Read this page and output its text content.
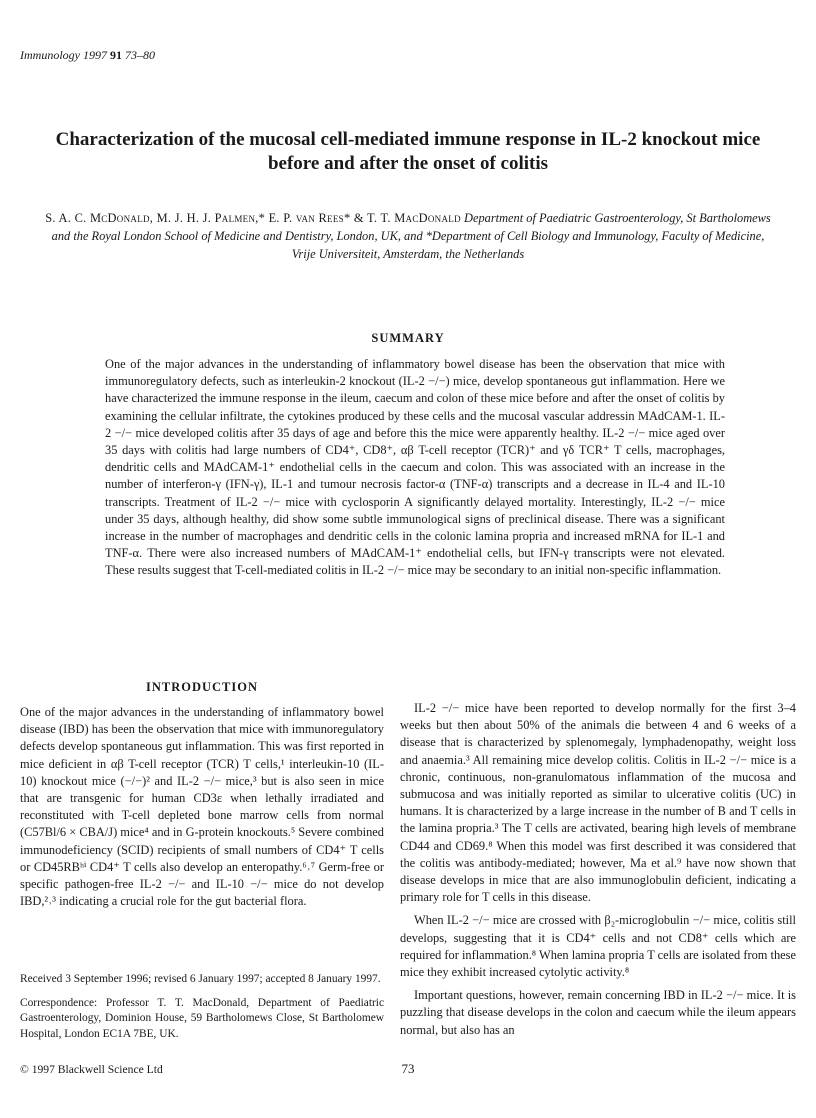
Immunology 1997 91 73–80
Characterization of the mucosal cell-mediated immune response in IL-2 knockout mice before and after the onset of colitis
S. A. C. McDonald, M. J. H. J. Palmen,* E. P. van Rees* & T. T. MacDonald Department of Paediatric Gastroenterology, St Bartholomews and the Royal London School of Medicine and Dentistry, London, UK, and *Department of Cell Biology and Immunology, Faculty of Medicine, Vrije Universiteit, Amsterdam, the Netherlands
SUMMARY
One of the major advances in the understanding of inflammatory bowel disease has been the observation that mice with immunoregulatory defects, such as interleukin-2 knockout (IL-2 −/−) mice, develop spontaneous gut inflammation. Here we have characterized the immune response in the ileum, caecum and colon of these mice before and after the onset of colitis by examining the cellular infiltrate, the cytokines produced by these cells and the mucosal vascular addressin MAdCAM-1. IL-2 −/− mice developed colitis after 35 days of age and before this the mice were apparently healthy. IL-2 −/− mice aged over 35 days with colitis had large numbers of CD4⁺, CD8⁺, αβ T-cell receptor (TCR)⁺ and γδ TCR⁺ T cells, macrophages, dendritic cells and MAdCAM-1⁺ endothelial cells in the caecum and colon. This was associated with an increase in the number of interferon-γ (IFN-γ), IL-1 and tumour necrosis factor-α (TNF-α) transcripts and a decrease in IL-4 and IL-10 transcripts. Treatment of IL-2 −/− mice with cyclosporin A significantly delayed mortality. Interestingly, IL-2 −/− mice under 35 days, although healthy, did show some subtle immunological signs of preclinical disease. There was a significant increase in the number of macrophages and dendritic cells in the colonic lamina propria and increased mRNA for IL-1 and TNF-α. There were also increased numbers of MAdCAM-1⁺ endothelial cells, but IFN-γ transcripts were not elevated. These results suggest that T-cell-mediated colitis in IL-2 −/− mice may be secondary to an initial non-specific inflammation.
INTRODUCTION

One of the major advances in the understanding of inflammatory bowel disease (IBD) has been the observation that mice with immunoregulatory defects develop spontaneous gut inflammation. This was first reported in mice deficient in αβ T-cell receptor (TCR) T cells,¹ interleukin-10 (IL-10) knockout mice (−/−)² and IL-2 −/− mice,³ but is also seen in mice that are transgenic for human CD3ε when lethally irradiated and reconstituted with T-cell depleted bone marrow cells from normal (C57Bl/6 × CBA/J) mice⁴ and in G-protein knockouts.⁵ Severe combined immunodeficiency (SCID) recipients of small numbers of CD4⁺ T cells or CD45RBʰⁱ CD4⁺ T cells also develop an enteropathy.⁶˒⁷ Germ-free or specific pathogen-free IL-2 −/− and IL-10 −/− mice do not develop IBD,²˒³ indicating a crucial role for the gut bacterial flora.

IL-2 −/− mice have been reported to develop normally for the first 3–4 weeks but then about 50% of the animals die between 4 and 6 weeks of a disease that is characterized by splenomegaly, lymphadenopathy, weight loss and anaemia.³ All remaining mice develop colitis. Colitis in IL-2 −/− mice is a chronic, continuous, non-granulomatous inflammation of the mucosa and submucosa and was initially reported as similar to ulcerative colitis (UC) in humans. It is characterized by a large increase in the number of B and T cells in the lamina propria.³ The T cells are activated, bearing high levels of membrane CD44 and CD69.⁸ When this model was first described it was considered that the colitis was antibody-mediated; however, Ma et al.⁹ have now shown that disease develops in mice that are also immunoglobulin deficient, indicating a primary role for T cells in this disease.

When IL-2 −/− mice are crossed with β₂-microglobulin −/− mice, colitis still develops, suggesting that it is CD4⁺ cells and not CD8⁺ cells which are required for inflammation.⁸ When lamina propria T cells are isolated from these mice they exhibit increased cytolytic activity.⁸

Important questions, however, remain concerning IBD in IL-2 −/− mice. It is puzzling that disease develops in the colon and caecum while the ileum appears normal, but also has an

Received 3 September 1996; revised 6 January 1997; accepted 8 January 1997.

Correspondence: Professor T. T. MacDonald, Department of Paediatric Gastroenterology, Dominion House, 59 Bartholomews Close, St Bartholomew Hospital, London EC1A 7BE, UK.

© 1997 Blackwell Science Ltd	73
